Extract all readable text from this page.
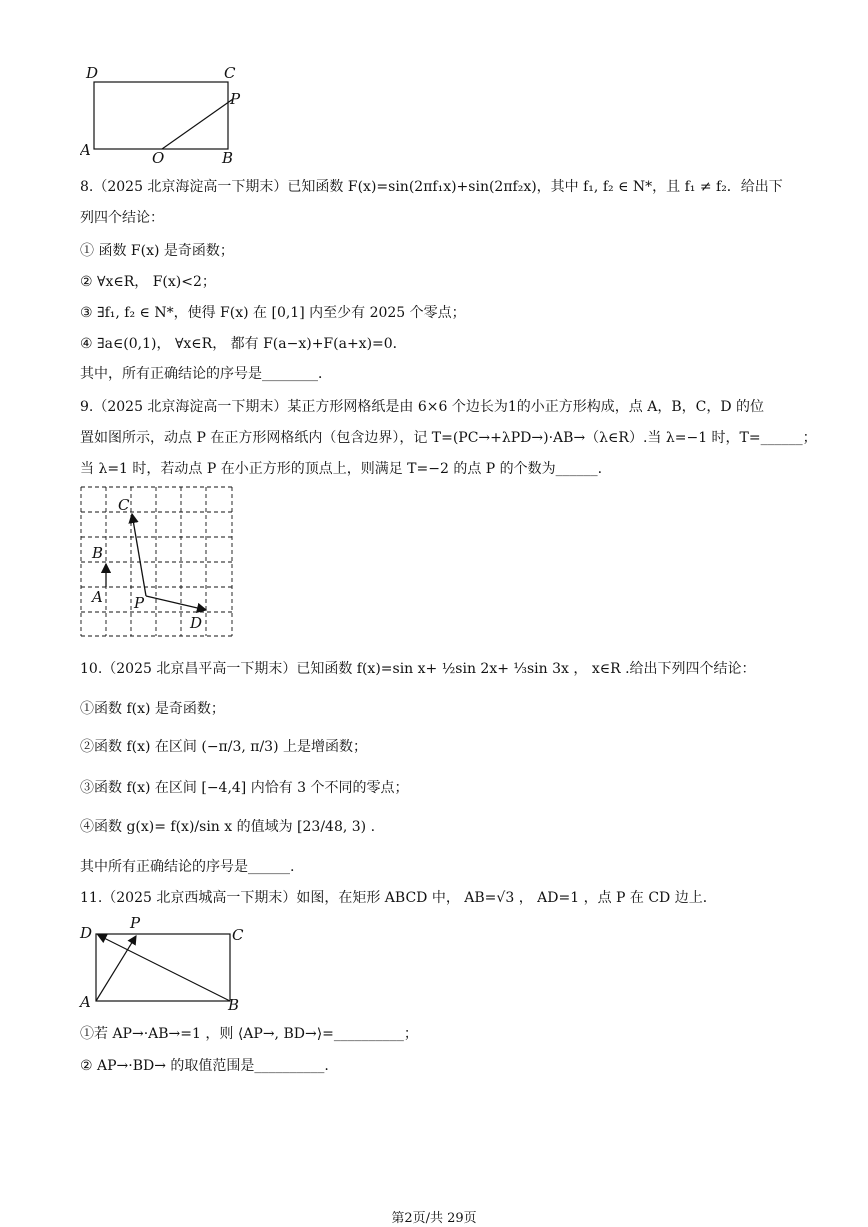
D	C
P
A	O	B
8.（2025 北京海淀高一下期末）已知函数 F(x)=sin(2πf₁x)+sin(2πf₂x)，其中 f₁, f₂ ∈ N*，且 f₁ ≠ f₂．给出下
列四个结论：
① 函数 F(x) 是奇函数；
② ∀x∈R， F(x)<2；
③ ∃f₁, f₂ ∈ N*，使得 F(x) 在 [0,1] 内至少有 2025 个零点；
④ ∃a∈(0,1)， ∀x∈R， 都有 F(a−x)+F(a+x)=0．
其中，所有正确结论的序号是________．
9.（2025 北京海淀高一下期末）某正方形网格纸是由 6×6 个边长为1的小正方形构成，点 A，B，C，D 的位
置如图所示，动点 P 在正方形网格纸内（包含边界），记 T=(PC→+λPD→)·AB→（λ∈R）.当 λ=−1 时，T=______；
当 λ=1 时，若动点 P 在小正方形的顶点上，则满足 T=−2 的点 P 的个数为______.
C
B
A P
D
10.（2025 北京昌平高一下期末）已知函数 f(x)=sin x+ ½sin 2x+ ⅓sin 3x ， x∈R .给出下列四个结论：
①函数 f(x) 是奇函数；
②函数 f(x) 在区间 (−π/3, π/3) 上是增函数；
③函数 f(x) 在区间 [−4,4] 内恰有 3 个不同的零点；
④函数 g(x)= f(x)/sin x 的值域为 [23/48, 3) .
其中所有正确结论的序号是______.
11.（2025 北京西城高一下期末）如图，在矩形 ABCD 中， AB=√3 ， AD=1 ，点 P 在 CD 边上．
D
P
C
A	B
①若 AP→·AB→=1 ，则 ⟨AP→, BD→⟩=__________；
② AP→·BD→ 的取值范围是__________.
第2页/共 29页
